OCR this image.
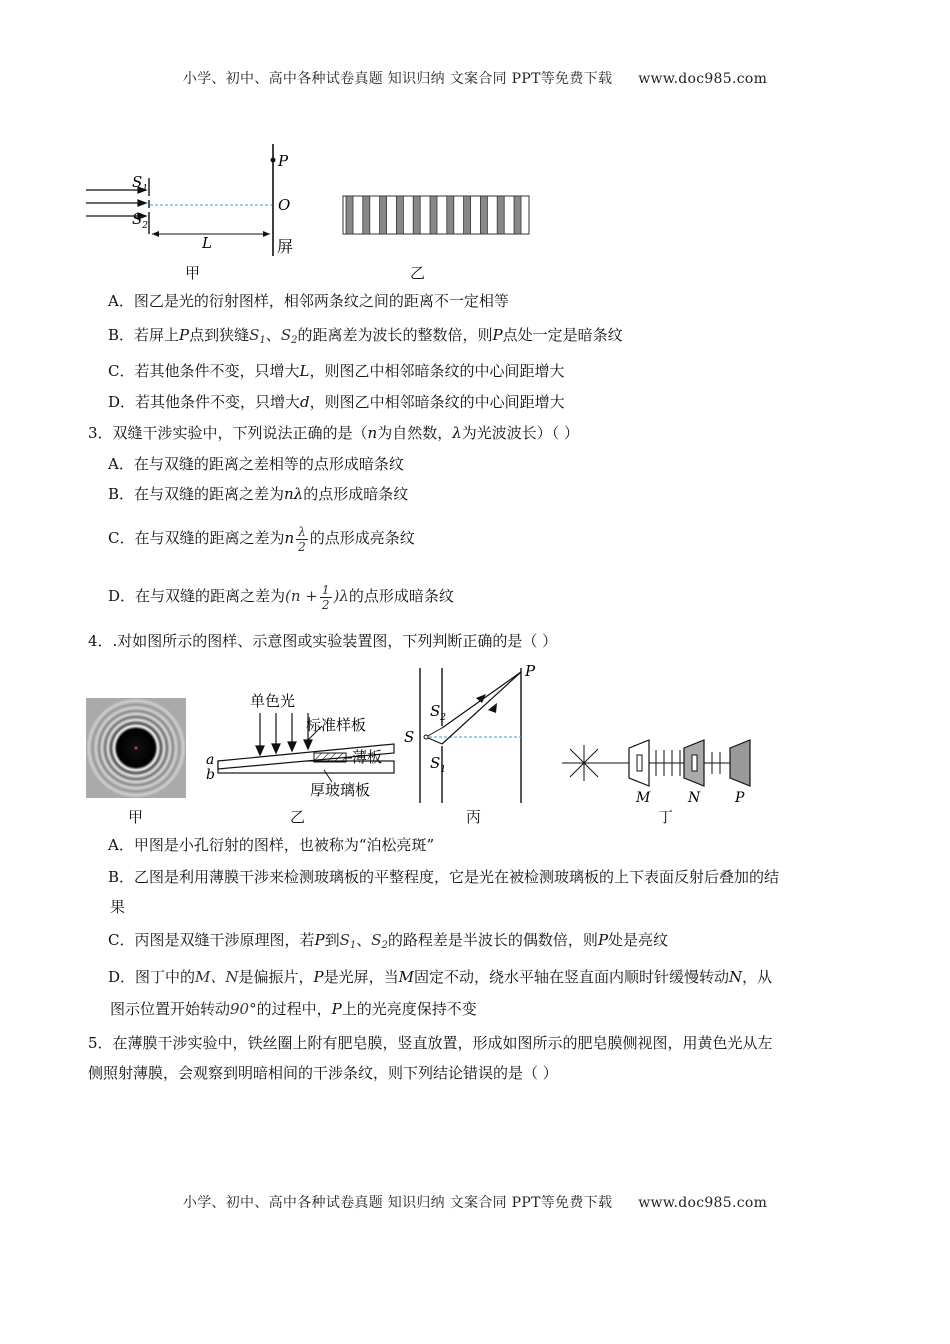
小学、初中、高中各种试卷真题 知识归纳 文案合同 PPT等免费下载 www.doc985.com
$S_1$
$S_2$
P
O
L	屏
甲	乙
A．图乙是光的衍射图样，相邻两条纹之间的距离不一定相等
B．若屏上P点到狭缝$S_1$、$S_2$的距离差为波长的整数倍，则P点处一定是暗条纹
C．若其他条件不变，只增大L，则图乙中相邻暗条纹的中心间距增大
D．若其他条件不变，只增大d，则图乙中相邻暗条纹的中心间距增大
3．双缝干涉实验中，下列说法正确的是（n为自然数，λ为光波波长）（ ）
A．在与双缝的距离之差相等的点形成暗条纹
B．在与双缝的距离之差为nλ的点形成暗条纹
C．在与双缝的距离之差为n $\frac{\lambda}{2}$ 的点形成亮条纹
D．在与双缝的距离之差为$(n + \frac{1}{2} )\lambda$的点形成暗条纹
4．.对如图所示的图样、示意图或实验装置图，下列判断正确的是（ ）
单色光
标准样板
薄板
厚玻璃板
a
b
P
S
$S_2$
$S_1$
M	N P
甲	乙	丙	丁
A．甲图是小孔衍射的图样，也被称为“泊松亮斑”
B．乙图是利用薄膜干涉来检测玻璃板的平整程度，它是光在被检测玻璃板的上下表面反射后叠加的结
果
C．丙图是双缝干涉原理图，若P到$S_1$、$S_2$的路程差是半波长的偶数倍，则P处是亮纹
D．图丁中的M、N是偏振片，P是光屏，当M固定不动，绕水平轴在竖直面内顺时针缓慢转动N，从
图示位置开始转动90°的过程中，P上的光亮度保持不变
5．在薄膜干涉实验中，铁丝圈上附有肥皂膜，竖直放置，形成如图所示的肥皂膜侧视图，用黄色光从左
侧照射薄膜，会观察到明暗相间的干涉条纹，则下列结论错误的是（ ）
小学、初中、高中各种试卷真题 知识归纳 文案合同 PPT等免费下载 www.doc985.com
